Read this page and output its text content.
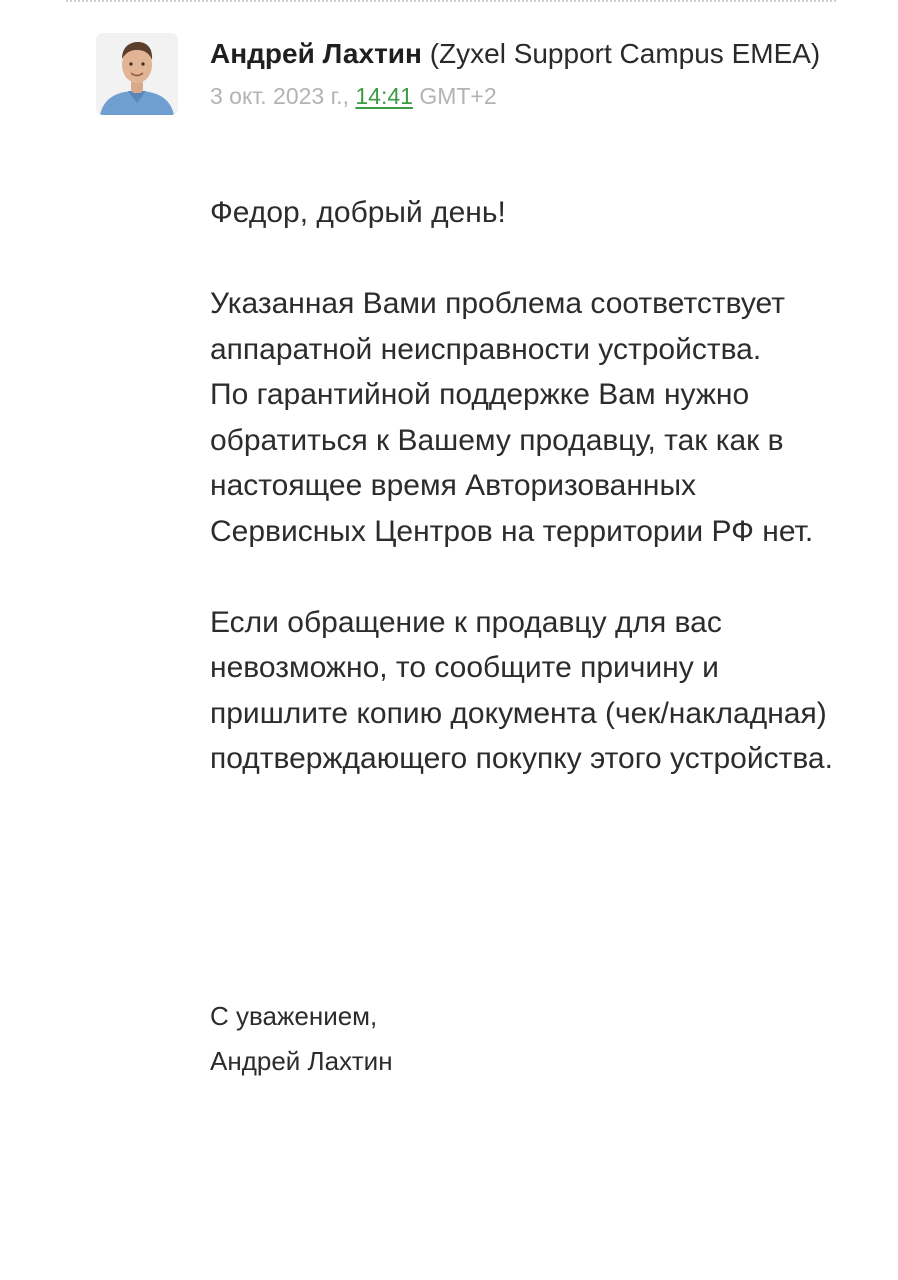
Андрей Лахтин (Zyxel Support Campus EMEA)

3 окт. 2023 г., 14:41 GMT+2

Федор, добрый день!

Указанная Вами проблема соответствует аппаратной неисправности устройства.

По гарантийной поддержке Вам нужно обратиться к Вашему продавцу, так как в настоящее время Авторизованных Сервисных Центров на территории РФ нет.

Если обращение к продавцу для вас невозможно, то сообщите причину и пришлите копию документа (чек/накладная) подтверждающего покупку этого устройства.

С уважением,

Андрей Лахтин
